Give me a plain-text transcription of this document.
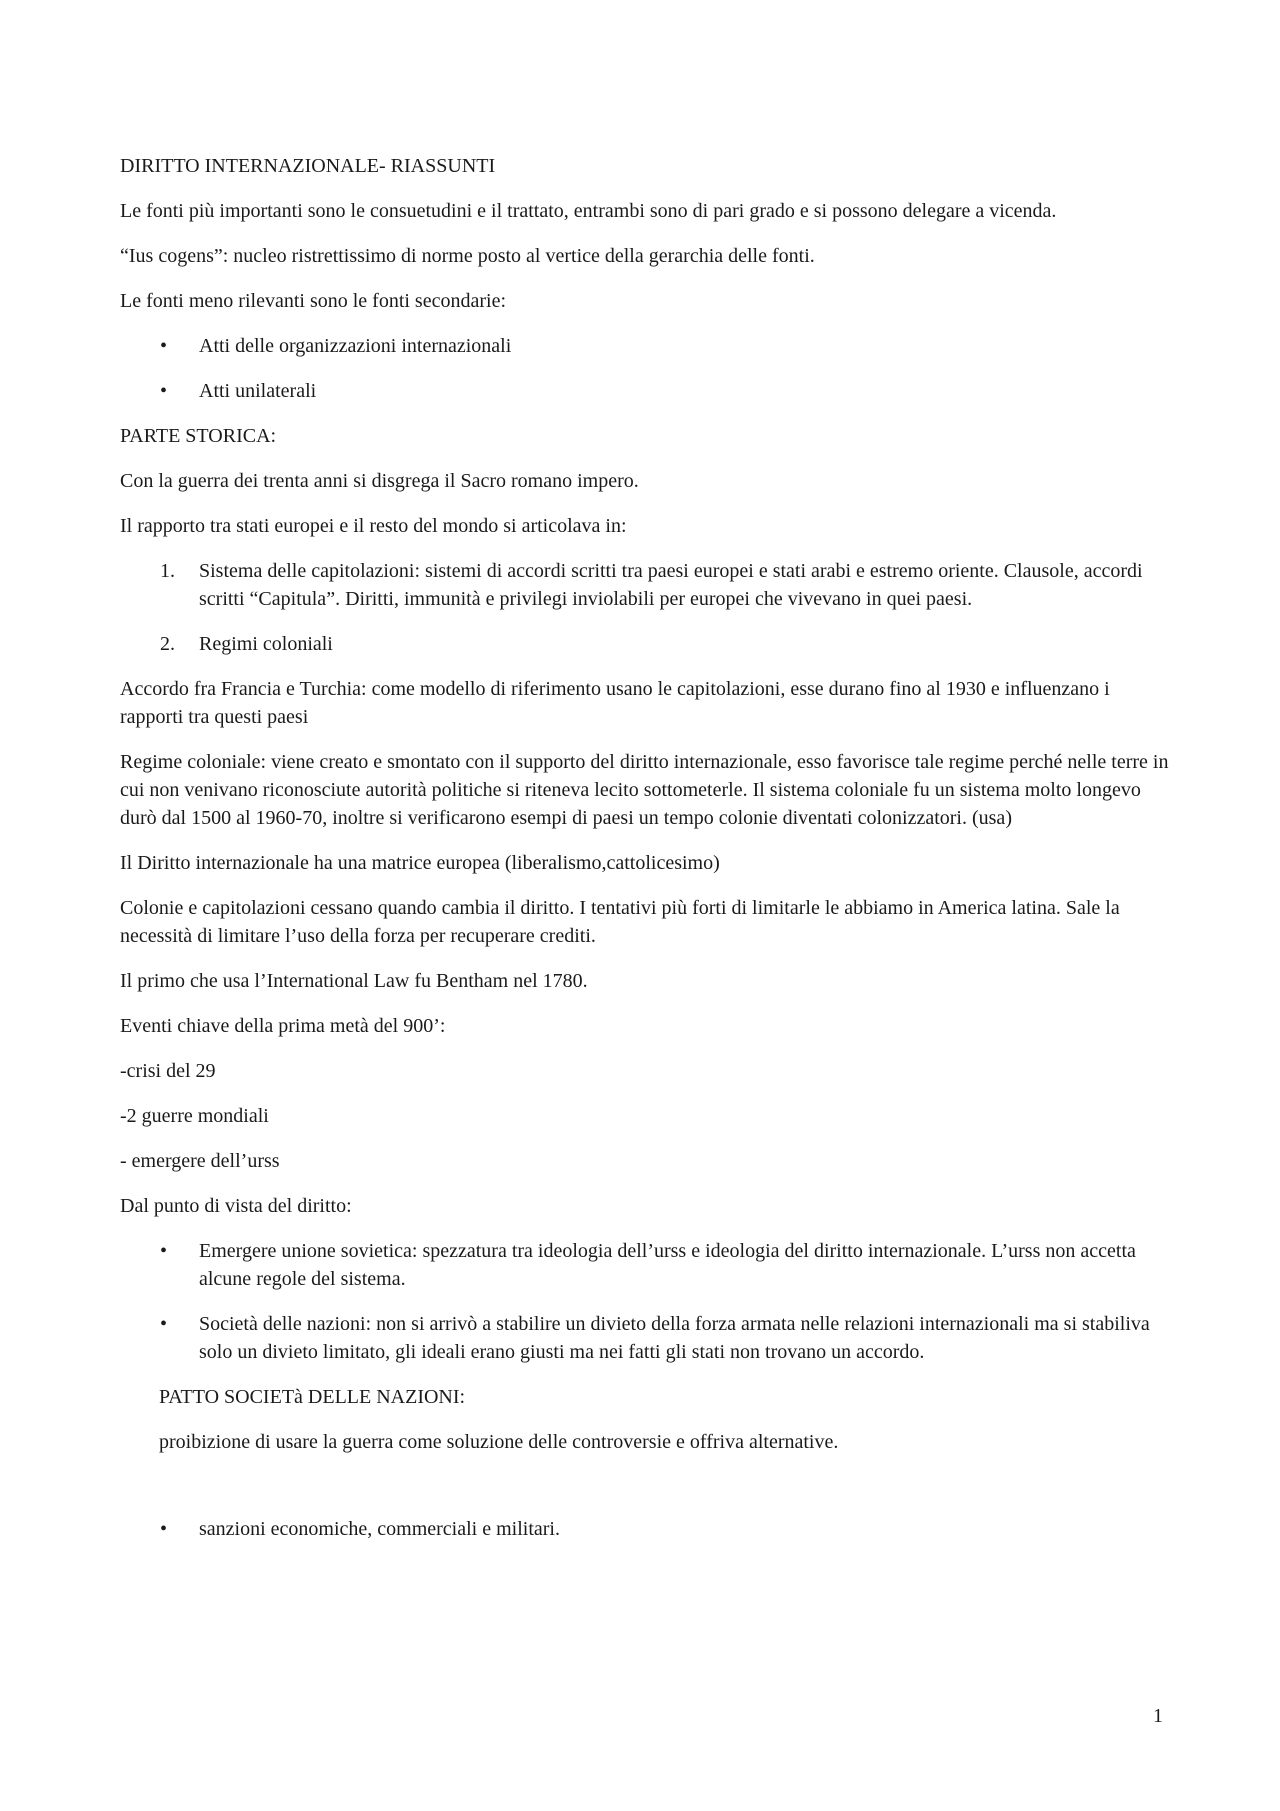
DIRITTO INTERNAZIONALE- RIASSUNTI
Le fonti più importanti sono le consuetudini e il trattato, entrambi sono di pari grado e si possono delegare a vicenda.
“Ius cogens”: nucleo ristrettissimo di norme posto al vertice della gerarchia delle fonti.
Le fonti meno rilevanti sono le fonti secondarie:
•	Atti delle organizzazioni internazionali
•	Atti unilaterali
PARTE STORICA:
Con la guerra dei trenta anni si disgrega il Sacro romano impero.
Il rapporto tra stati europei e il resto del mondo si articolava in:
1.	Sistema delle capitolazioni: sistemi di accordi scritti tra paesi europei e stati arabi e estremo oriente. Clausole, accordi scritti “Capitula”. Diritti, immunità e privilegi inviolabili per europei che vivevano in quei paesi.
2.	Regimi coloniali
Accordo fra Francia e Turchia: come modello di riferimento usano le capitolazioni, esse durano fino al 1930 e influenzano i rapporti tra questi paesi
Regime coloniale: viene creato e smontato con il supporto del diritto internazionale, esso favorisce tale regime perché nelle terre in cui non venivano riconosciute autorità politiche si riteneva lecito sottometerle. Il sistema coloniale fu un sistema molto longevo durò dal 1500 al 1960-70, inoltre si verificarono esempi di paesi un tempo colonie diventati colonizzatori. (usa)
Il Diritto internazionale ha una matrice europea (liberalismo,cattolicesimo)
Colonie e capitolazioni cessano quando cambia il diritto. I tentativi più forti di limitarle le abbiamo in America latina. Sale la necessità di limitare l’uso della forza per recuperare crediti.
Il primo che usa l’International Law fu Bentham nel 1780.
Eventi chiave della prima metà del 900’:
-crisi del 29
-2 guerre mondiali
- emergere dell’urss
Dal punto di vista del diritto:
•	Emergere unione sovietica: spezzatura tra ideologia dell’urss e ideologia del diritto internazionale. L’urss non accetta alcune regole del sistema.
•	Società delle nazioni: non si arrivò a stabilire un divieto della forza armata nelle relazioni internazionali ma si stabiliva solo un divieto limitato, gli ideali erano giusti ma nei fatti gli stati non trovano un accordo.
PATTO SOCIETà DELLE NAZIONI:
proibizione di usare la guerra come soluzione delle controversie e offriva alternative.
•	sanzioni economiche, commerciali e militari.
1
